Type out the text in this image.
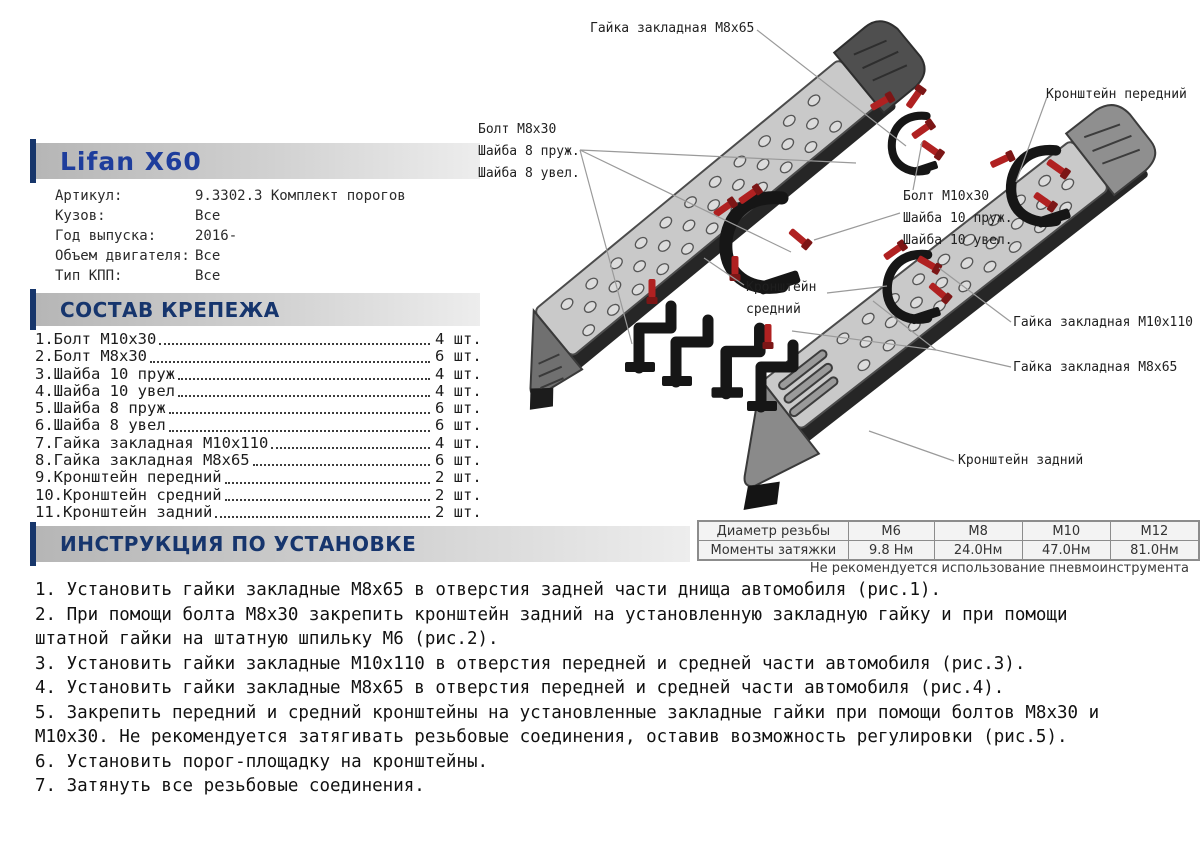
Lifan X60
Артикул:	9.3302.3 Комплект порогов
Кузов:	Все
Год выпуска:	2016-
Объем двигателя: Все
Тип КПП:	Все
СОСТАВ КРЕПЕЖА
1.Болт М10х30	4 шт.
2.Болт М8х30	6 шт.
3.Шайба 10 пруж	4 шт.
4.Шайба 10 увел	4 шт.
5.Шайба 8 пруж	6 шт.
6.Шайба 8 увел	6 шт.
7.Гайка закладная М10х110	4 шт.
8.Гайка закладная М8х65	6 шт.
9.Кронштейн передний	2 шт.
10.Кронштейн средний	2 шт.
11.Кронштейн задний	2 шт.
ИНСТРУКЦИЯ ПО УСТАНОВКЕ
Гайка закладная М8х65
Кронштейн передний
Болт М8х30
Шайба 8 пруж.
Шайба 8 увел.
Болт М10х30
Шайба 10 пруж.
Шайба 10 увел.
Кронштейн
средний
Гайка закладная М10х110
Гайка закладная М8х65
Кронштейн задний
Диаметр резьбы	М6	М8	М10	М12
Моменты затяжки	9.8 Нм	24.0Нм	47.0Нм	81.0Нм
Не рекомендуется использование пневмоинструмента
1. Установить гайки закладные М8х65 в отверстия задней части днища автомобиля (рис.1).
2. При помощи болта М8х30 закрепить кронштейн задний на установленную закладную гайку и при помощи штатной гайки на штатную шпильку М6 (рис.2).
3. Установить гайки закладные М10х110 в отверстия передней и средней части автомобиля (рис.3).
4. Установить гайки закладные М8х65 в отверстия передней и средней части автомобиля (рис.4).
5. Закрепить передний и средний кронштейны на установленные закладные гайки при помощи болтов М8х30 и М10х30. Не рекомендуется затягивать резьбовые соединения, оставив возможность регулировки (рис.5).
6. Установить порог-площадку на кронштейны.
7. Затянуть все резьбовые соединения.
